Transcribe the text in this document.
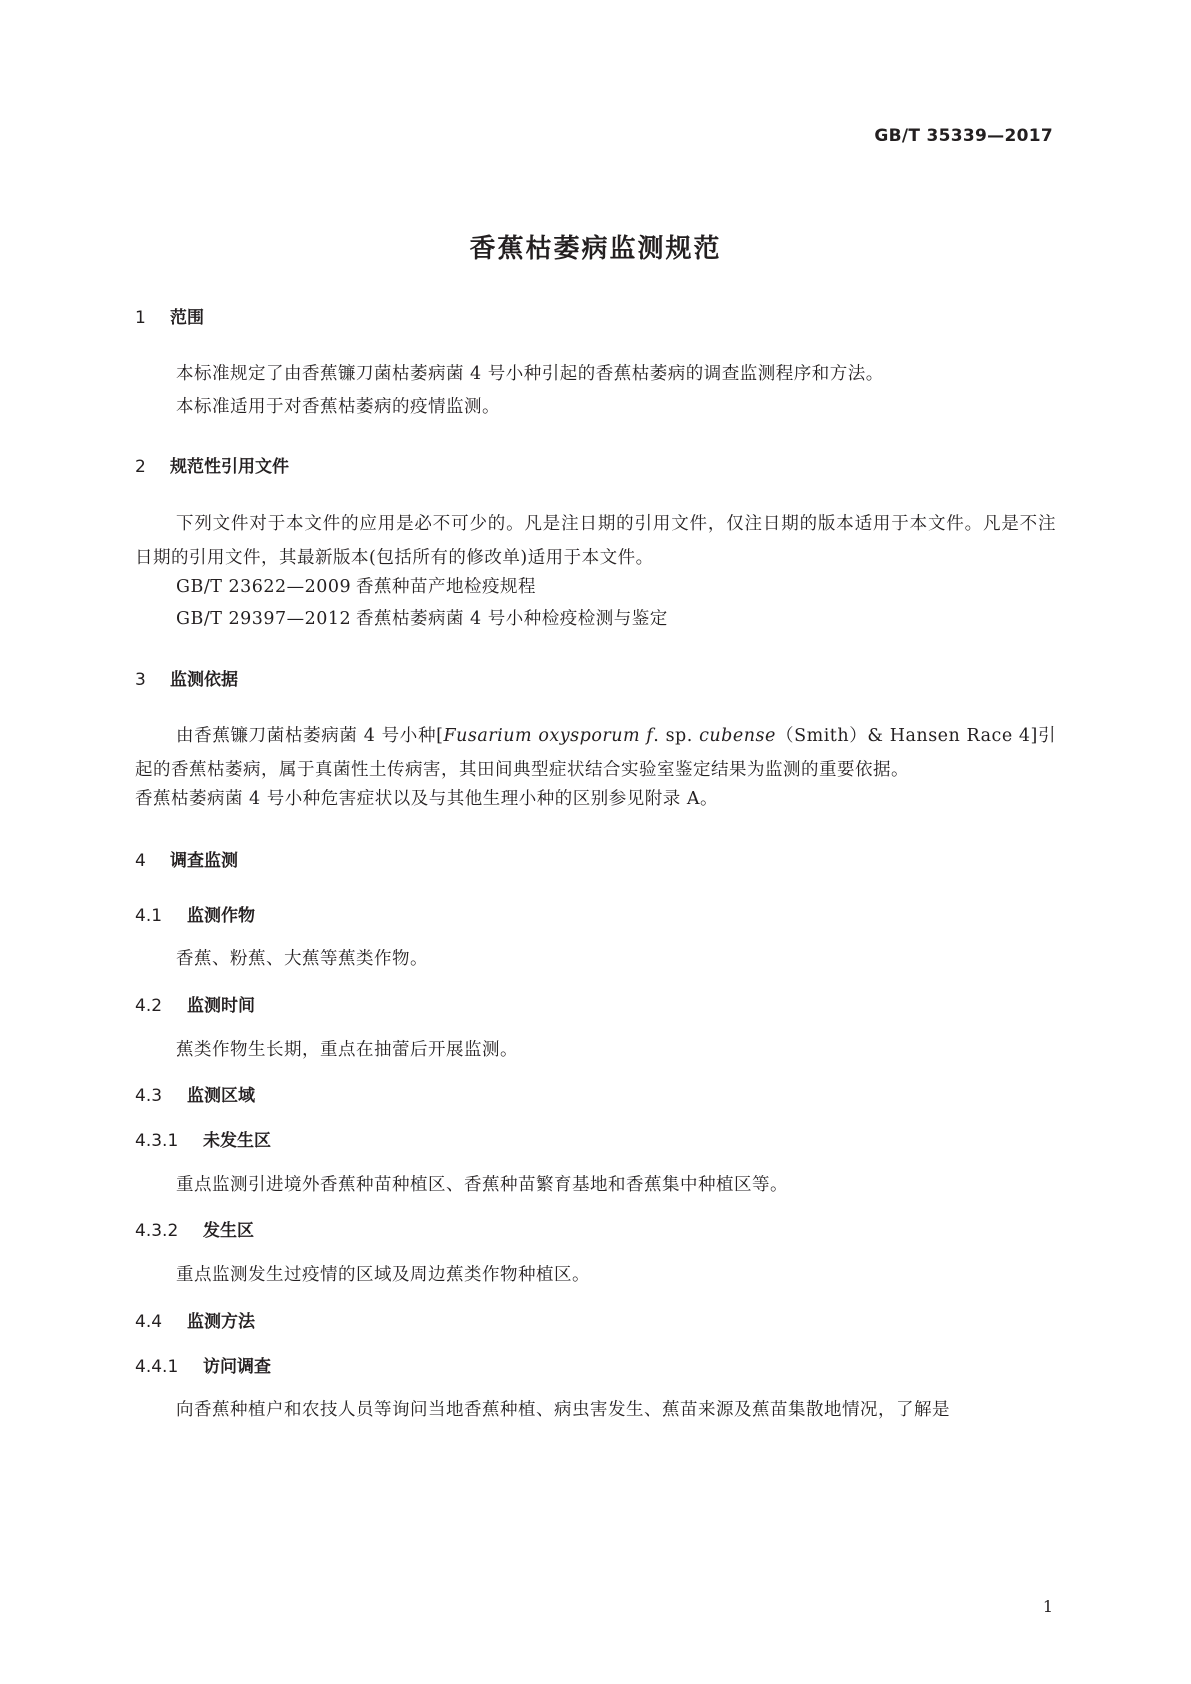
GB/T 35339—2017
香蕉枯萎病监测规范
1 范围
本标准规定了由香蕉镰刀菌枯萎病菌 4 号小种引起的香蕉枯萎病的调查监测程序和方法。
本标准适用于对香蕉枯萎病的疫情监测。
2 规范性引用文件
下列文件对于本文件的应用是必不可少的。凡是注日期的引用文件，仅注日期的版本适用于本文件。凡是不注日期的引用文件，其最新版本(包括所有的修改单)适用于本文件。
GB/T 23622—2009 香蕉种苗产地检疫规程
GB/T 29397—2012 香蕉枯萎病菌 4 号小种检疫检测与鉴定
3 监测依据
由香蕉镰刀菌枯萎病菌 4 号小种[Fusarium oxysporum f. sp. cubense（Smith）& Hansen Race 4]引起的香蕉枯萎病，属于真菌性土传病害，其田间典型症状结合实验室鉴定结果为监测的重要依据。
香蕉枯萎病菌 4 号小种危害症状以及与其他生理小种的区别参见附录 A。
4 调查监测
4.1 监测作物
香蕉、粉蕉、大蕉等蕉类作物。
4.2 监测时间
蕉类作物生长期，重点在抽蕾后开展监测。
4.3 监测区域
4.3.1 未发生区
重点监测引进境外香蕉种苗种植区、香蕉种苗繁育基地和香蕉集中种植区等。
4.3.2 发生区
重点监测发生过疫情的区域及周边蕉类作物种植区。
4.4 监测方法
4.4.1 访问调查
向香蕉种植户和农技人员等询问当地香蕉种植、病虫害发生、蕉苗来源及蕉苗集散地情况，了解是
1
